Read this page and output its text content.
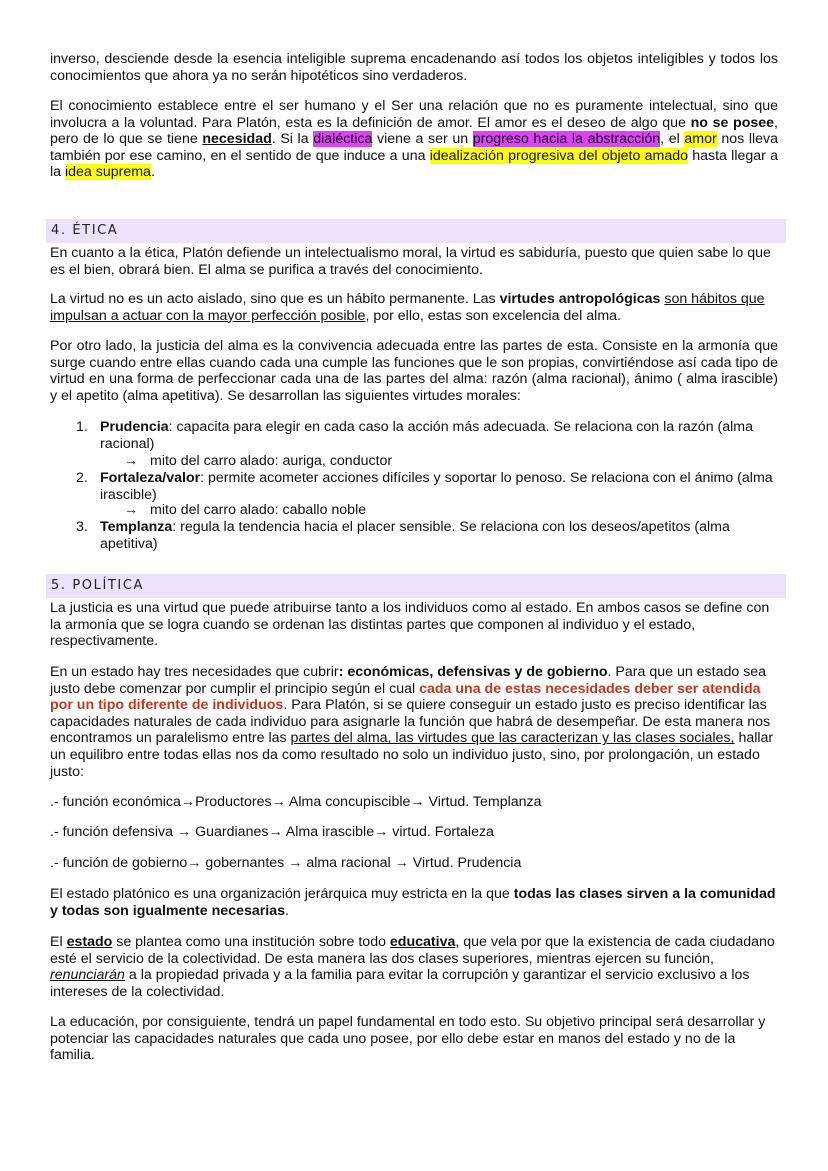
inverso, desciende desde la esencia inteligible suprema encadenando así todos los objetos inteligibles y todos los conocimientos que ahora ya no serán hipotéticos sino verdaderos.

El conocimiento establece entre el ser humano y el Ser una relación que no es puramente intelectual, sino que involucra a la voluntad. Para Platón, esta es la definición de amor. El amor es el deseo de algo que no se posee, pero de lo que se tiene necesidad. Si la dialéctica viene a ser un progreso hacia la abstracción, el amor nos lleva también por ese camino, en el sentido de que induce a una idealización progresiva del objeto amado hasta llegar a la idea suprema.

4. ÉTICA

En cuanto a la ética, Platón defiende un intelectualismo moral, la virtud es sabiduría, puesto que quien sabe lo que es el bien, obrará bien. El alma se purifica a través del conocimiento.

La virtud no es un acto aislado, sino que es un hábito permanente. Las virtudes antropológicas son hábitos que impulsan a actuar con la mayor perfección posible, por ello, estas son excelencia del alma.

Por otro lado, la justicia del alma es la convivencia adecuada entre las partes de esta. Consiste en la armonía que surge cuando entre ellas cuando cada una cumple las funciones que le son propias, convirtiéndose así cada tipo de virtud en una forma de perfeccionar cada una de las partes del alma: razón (alma racional), ánimo ( alma irascible) y el apetito (alma apetitiva). Se desarrollan las siguientes virtudes morales:

1. Prudencia: capacita para elegir en cada caso la acción más adecuada. Se relaciona con la razón (alma racional)
→ mito del carro alado: auriga, conductor
2. Fortaleza/valor: permite acometer acciones difíciles y soportar lo penoso. Se relaciona con el ánimo (alma irascible)
→ mito del carro alado: caballo noble
3. Templanza: regula la tendencia hacia el placer sensible. Se relaciona con los deseos/apetitos (alma apetitiva)
5. POLÍTICA

La justicia es una virtud que puede atribuirse tanto a los individuos como al estado. En ambos casos se define con la armonía que se logra cuando se ordenan las distintas partes que componen al individuo y el estado, respectivamente.

En un estado hay tres necesidades que cubrir: económicas, defensivas y de gobierno. Para que un estado sea justo debe comenzar por cumplir el principio según el cual cada una de estas necesidades deber ser atendida por un tipo diferente de individuos. Para Platón, si se quiere conseguir un estado justo es preciso identificar las capacidades naturales de cada individuo para asignarle la función que habrá de desempeñar. De esta manera nos encontramos un paralelismo entre las partes del alma, las virtudes que las caracterizan y las clases sociales, hallar un equilibro entre todas ellas nos da como resultado no solo un individuo justo, sino, por prolongación, un estado justo:

.- función económica→Productores→ Alma concupiscible→ Virtud. Templanza

.- función defensiva → Guardianes→ Alma irascible→ virtud. Fortaleza

.- función de gobierno→ gobernantes → alma racional → Virtud. Prudencia

El estado platónico es una organización jerárquica muy estricta en la que todas las clases sirven a la comunidad y todas son igualmente necesarias.

El estado se plantea como una institución sobre todo educativa, que vela por que la existencia de cada ciudadano esté el servicio de la colectividad. De esta manera las dos clases superiores, mientras ejercen su función, renunciarán a la propiedad privada y a la familia para evitar la corrupción y garantizar el servicio exclusivo a los intereses de la colectividad.

La educación, por consiguiente, tendrá un papel fundamental en todo esto. Su objetivo principal será desarrollar y potenciar las capacidades naturales que cada uno posee, por ello debe estar en manos del estado y no de la familia.
